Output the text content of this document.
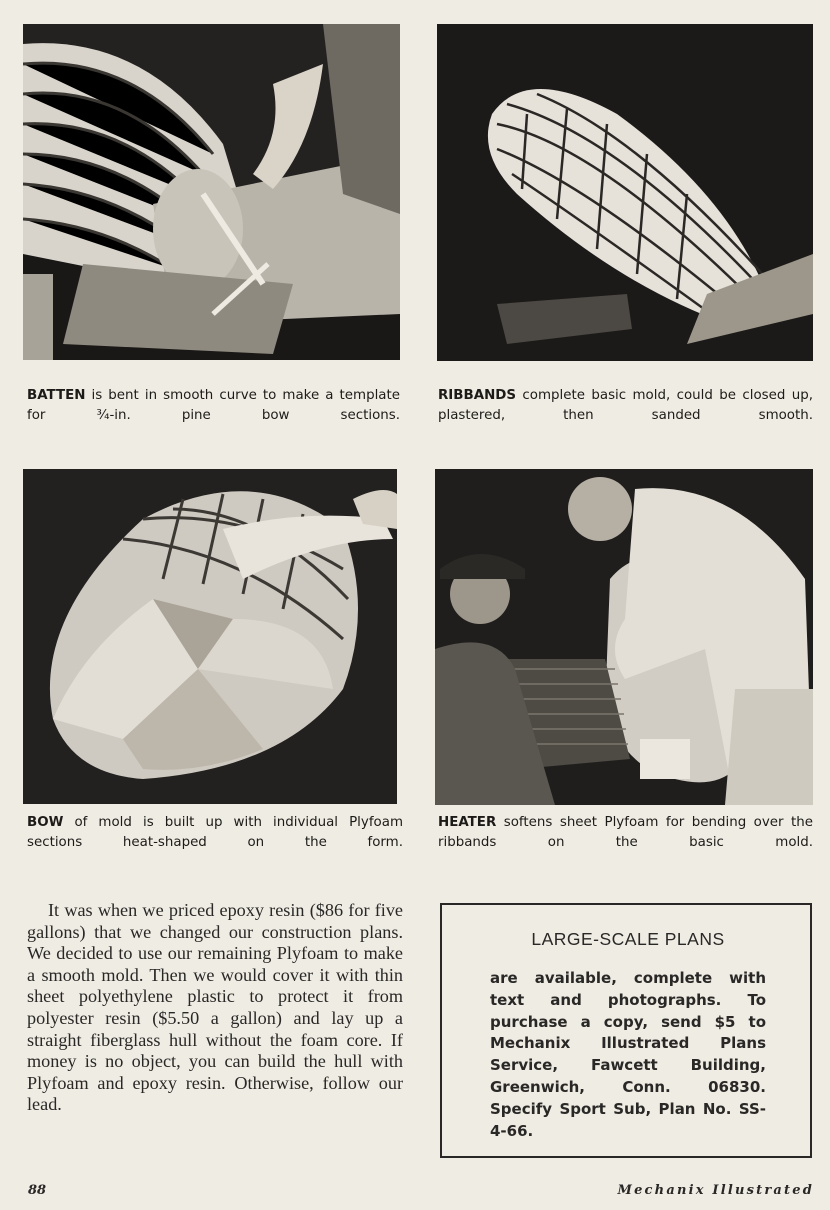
BATTEN is bent in smooth curve to make a template for ¾-in. pine bow sections.
RIBBANDS complete basic mold, could be closed up, plastered, then sanded smooth.
BOW of mold is built up with individual Plyfoam sections heat-shaped on the form.
HEATER softens sheet Plyfoam for bending over the ribbands on the basic mold.

It was when we priced epoxy resin ($86 for five gallons) that we changed our construction plans. We decided to use our remaining Plyfoam to make a smooth mold. Then we would cover it with thin sheet polyethylene plastic to protect it from polyester resin ($5.50 a gallon) and lay up a straight fiberglass hull without the foam core. If money is no object, you can build the hull with Plyfoam and epoxy resin. Otherwise, follow our lead.

LARGE-SCALE PLANS

are available, complete with text and photographs. To purchase a copy, send $5 to Mechanix Illustrated Plans Service, Fawcett Building, Greenwich, Conn. 06830. Specify Sport Sub, Plan No. SS-4-66.

88	Mechanix Illustrated
